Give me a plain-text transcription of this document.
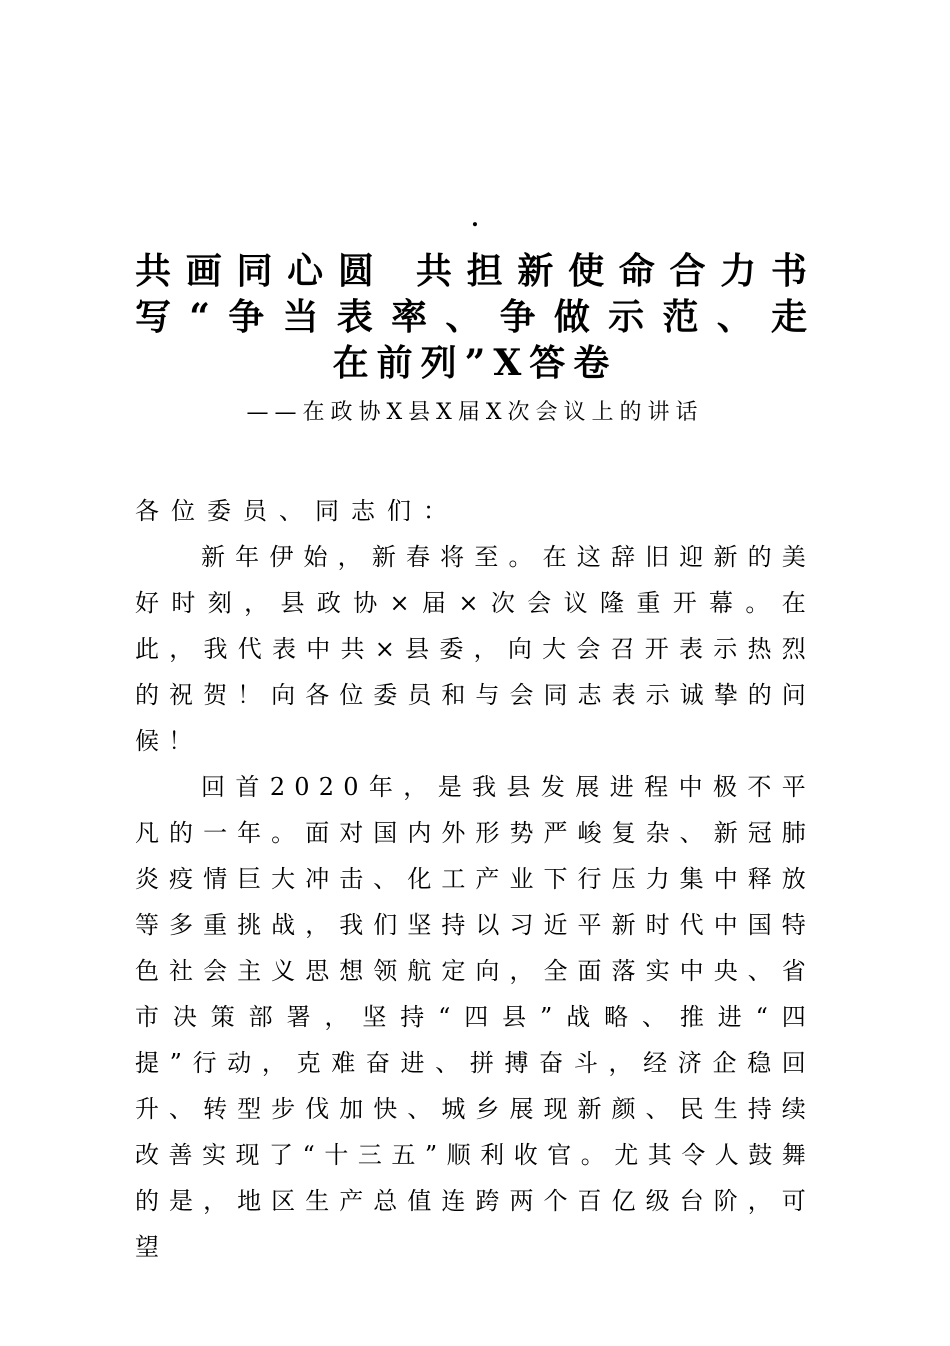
.
共画同心圆 共担新使命合力书
写“争当表率、争做示范、走
在前列”X答卷
——在政协X县X届X次会议上的讲话

各位委员、同志们：

新年伊始，新春将至。在这辞旧迎新的美好时刻，县政协×届×次会议隆重开幕。在此，我代表中共×县委，向大会召开表示热烈的祝贺！向各位委员和与会同志表示诚挚的问候！

回首2020年，是我县发展进程中极不平凡的一年。面对国内外形势严峻复杂、新冠肺炎疫情巨大冲击、化工产业下行压力集中释放等多重挑战，我们坚持以习近平新时代中国特色社会主义思想领航定向，全面落实中央、省市决策部署，坚持“四县”战略、推进“四提”行动，克难奋进、拼搏奋斗，经济企稳回升、转型步伐加快、城乡展现新颜、民生持续改善实现了“十三五”顺利收官。尤其令人鼓舞的是，地区生产总值连跨两个百亿级台阶，可望
